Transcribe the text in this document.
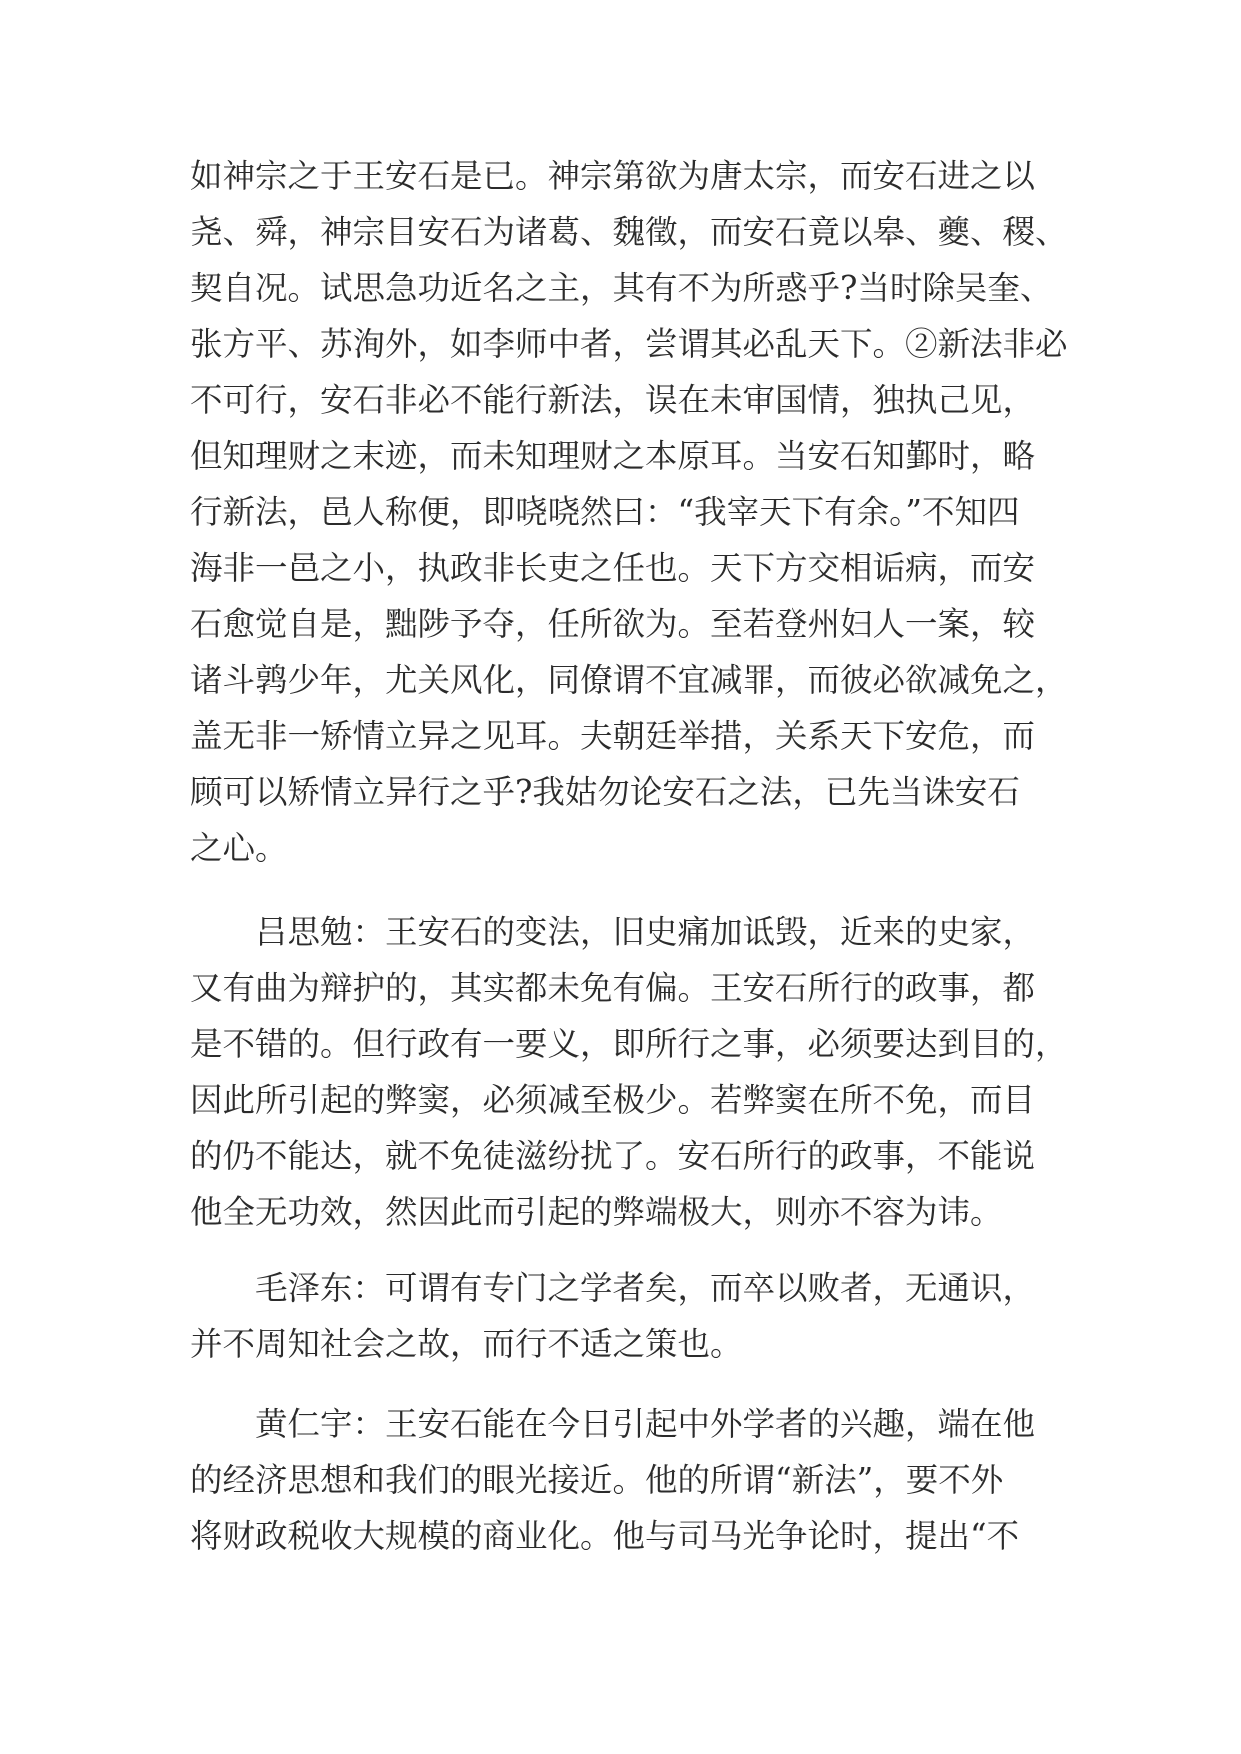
如神宗之于王安石是已。神宗第欲为唐太宗，而安石进之以
尧、舜，神宗目安石为诸葛、魏徵，而安石竟以皋、夔、稷、
契自况。试思急功近名之主，其有不为所惑乎?当时除吴奎、
张方平、苏洵外，如李师中者，尝谓其必乱天下。②新法非必
不可行，安石非必不能行新法，误在未审国情，独执己见，
但知理财之末迹，而未知理财之本原耳。当安石知鄞时，略
行新法，邑人称便，即哓哓然曰：“我宰天下有余。”不知四
海非一邑之小，执政非长吏之任也。天下方交相诟病，而安
石愈觉自是，黜陟予夺，任所欲为。至若登州妇人一案，较
诸斗鹑少年，尤关风化，同僚谓不宜减罪，而彼必欲减免之，
盖无非一矫情立异之见耳。夫朝廷举措，关系天下安危，而
顾可以矫情立异行之乎?我姑勿论安石之法，已先当诛安石
之心。
吕思勉：王安石的变法，旧史痛加诋毁，近来的史家，
又有曲为辩护的，其实都未免有偏。王安石所行的政事，都
是不错的。但行政有一要义，即所行之事，必须要达到目的，
因此所引起的弊窦，必须减至极少。若弊窦在所不免，而目
的仍不能达，就不免徒滋纷扰了。安石所行的政事，不能说
他全无功效，然因此而引起的弊端极大，则亦不容为讳。
毛泽东：可谓有专门之学者矣，而卒以败者，无通识，
并不周知社会之故，而行不适之策也。
黄仁宇：王安石能在今日引起中外学者的兴趣，端在他
的经济思想和我们的眼光接近。他的所谓“新法”，要不外
将财政税收大规模的商业化。他与司马光争论时，提出“不
